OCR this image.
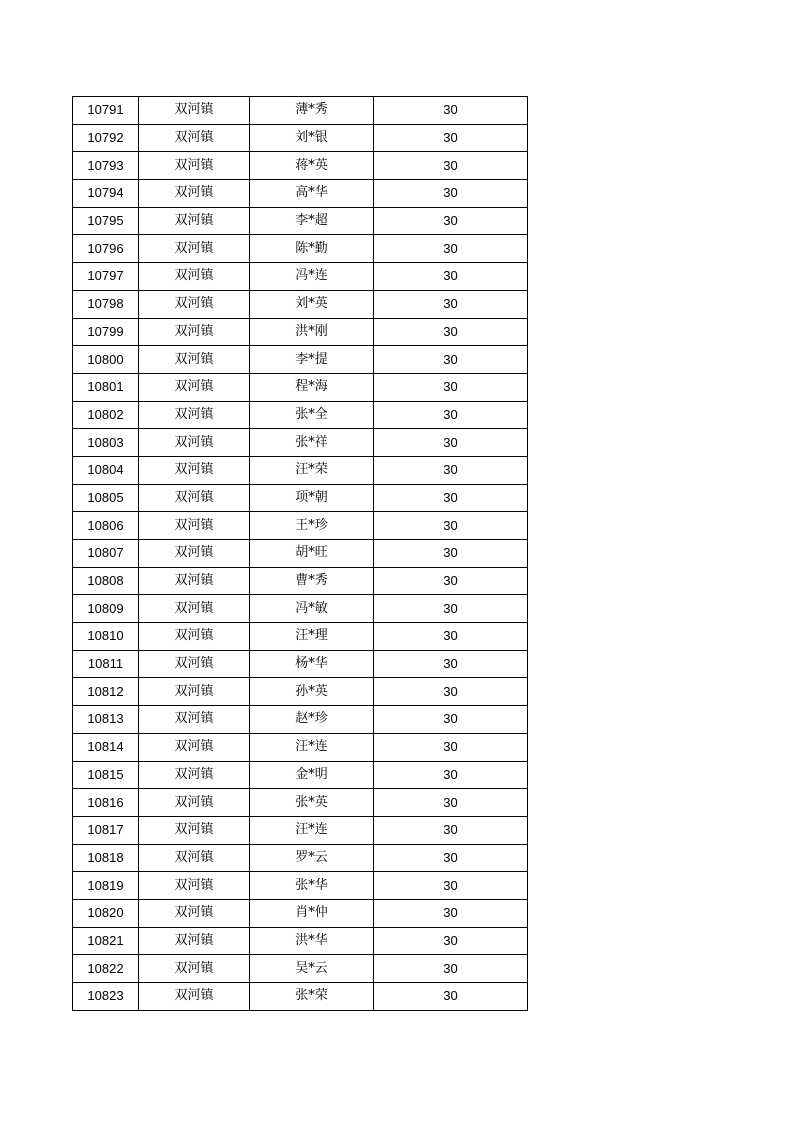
10791	双河镇	薄*秀	30
10792	双河镇	刘*银	30
10793	双河镇	蒋*英	30
10794	双河镇	高*华	30
10795	双河镇	李*超	30
10796	双河镇	陈*勤	30
10797	双河镇	冯*连	30
10798	双河镇	刘*英	30
10799	双河镇	洪*刚	30
10800	双河镇	李*提	30
10801	双河镇	程*海	30
10802	双河镇	张*全	30
10803	双河镇	张*祥	30
10804	双河镇	汪*荣	30
10805	双河镇	项*朝	30
10806	双河镇	王*珍	30
10807	双河镇	胡*旺	30
10808	双河镇	曹*秀	30
10809	双河镇	冯*敏	30
10810	双河镇	汪*理	30
10811	双河镇	杨*华	30
10812	双河镇	孙*英	30
10813	双河镇	赵*珍	30
10814	双河镇	汪*连	30
10815	双河镇	金*明	30
10816	双河镇	张*英	30
10817	双河镇	汪*连	30
10818	双河镇	罗*云	30
10819	双河镇	张*华	30
10820	双河镇	肖*仲	30
10821	双河镇	洪*华	30
10822	双河镇	吴*云	30
10823	双河镇	张*荣	30
